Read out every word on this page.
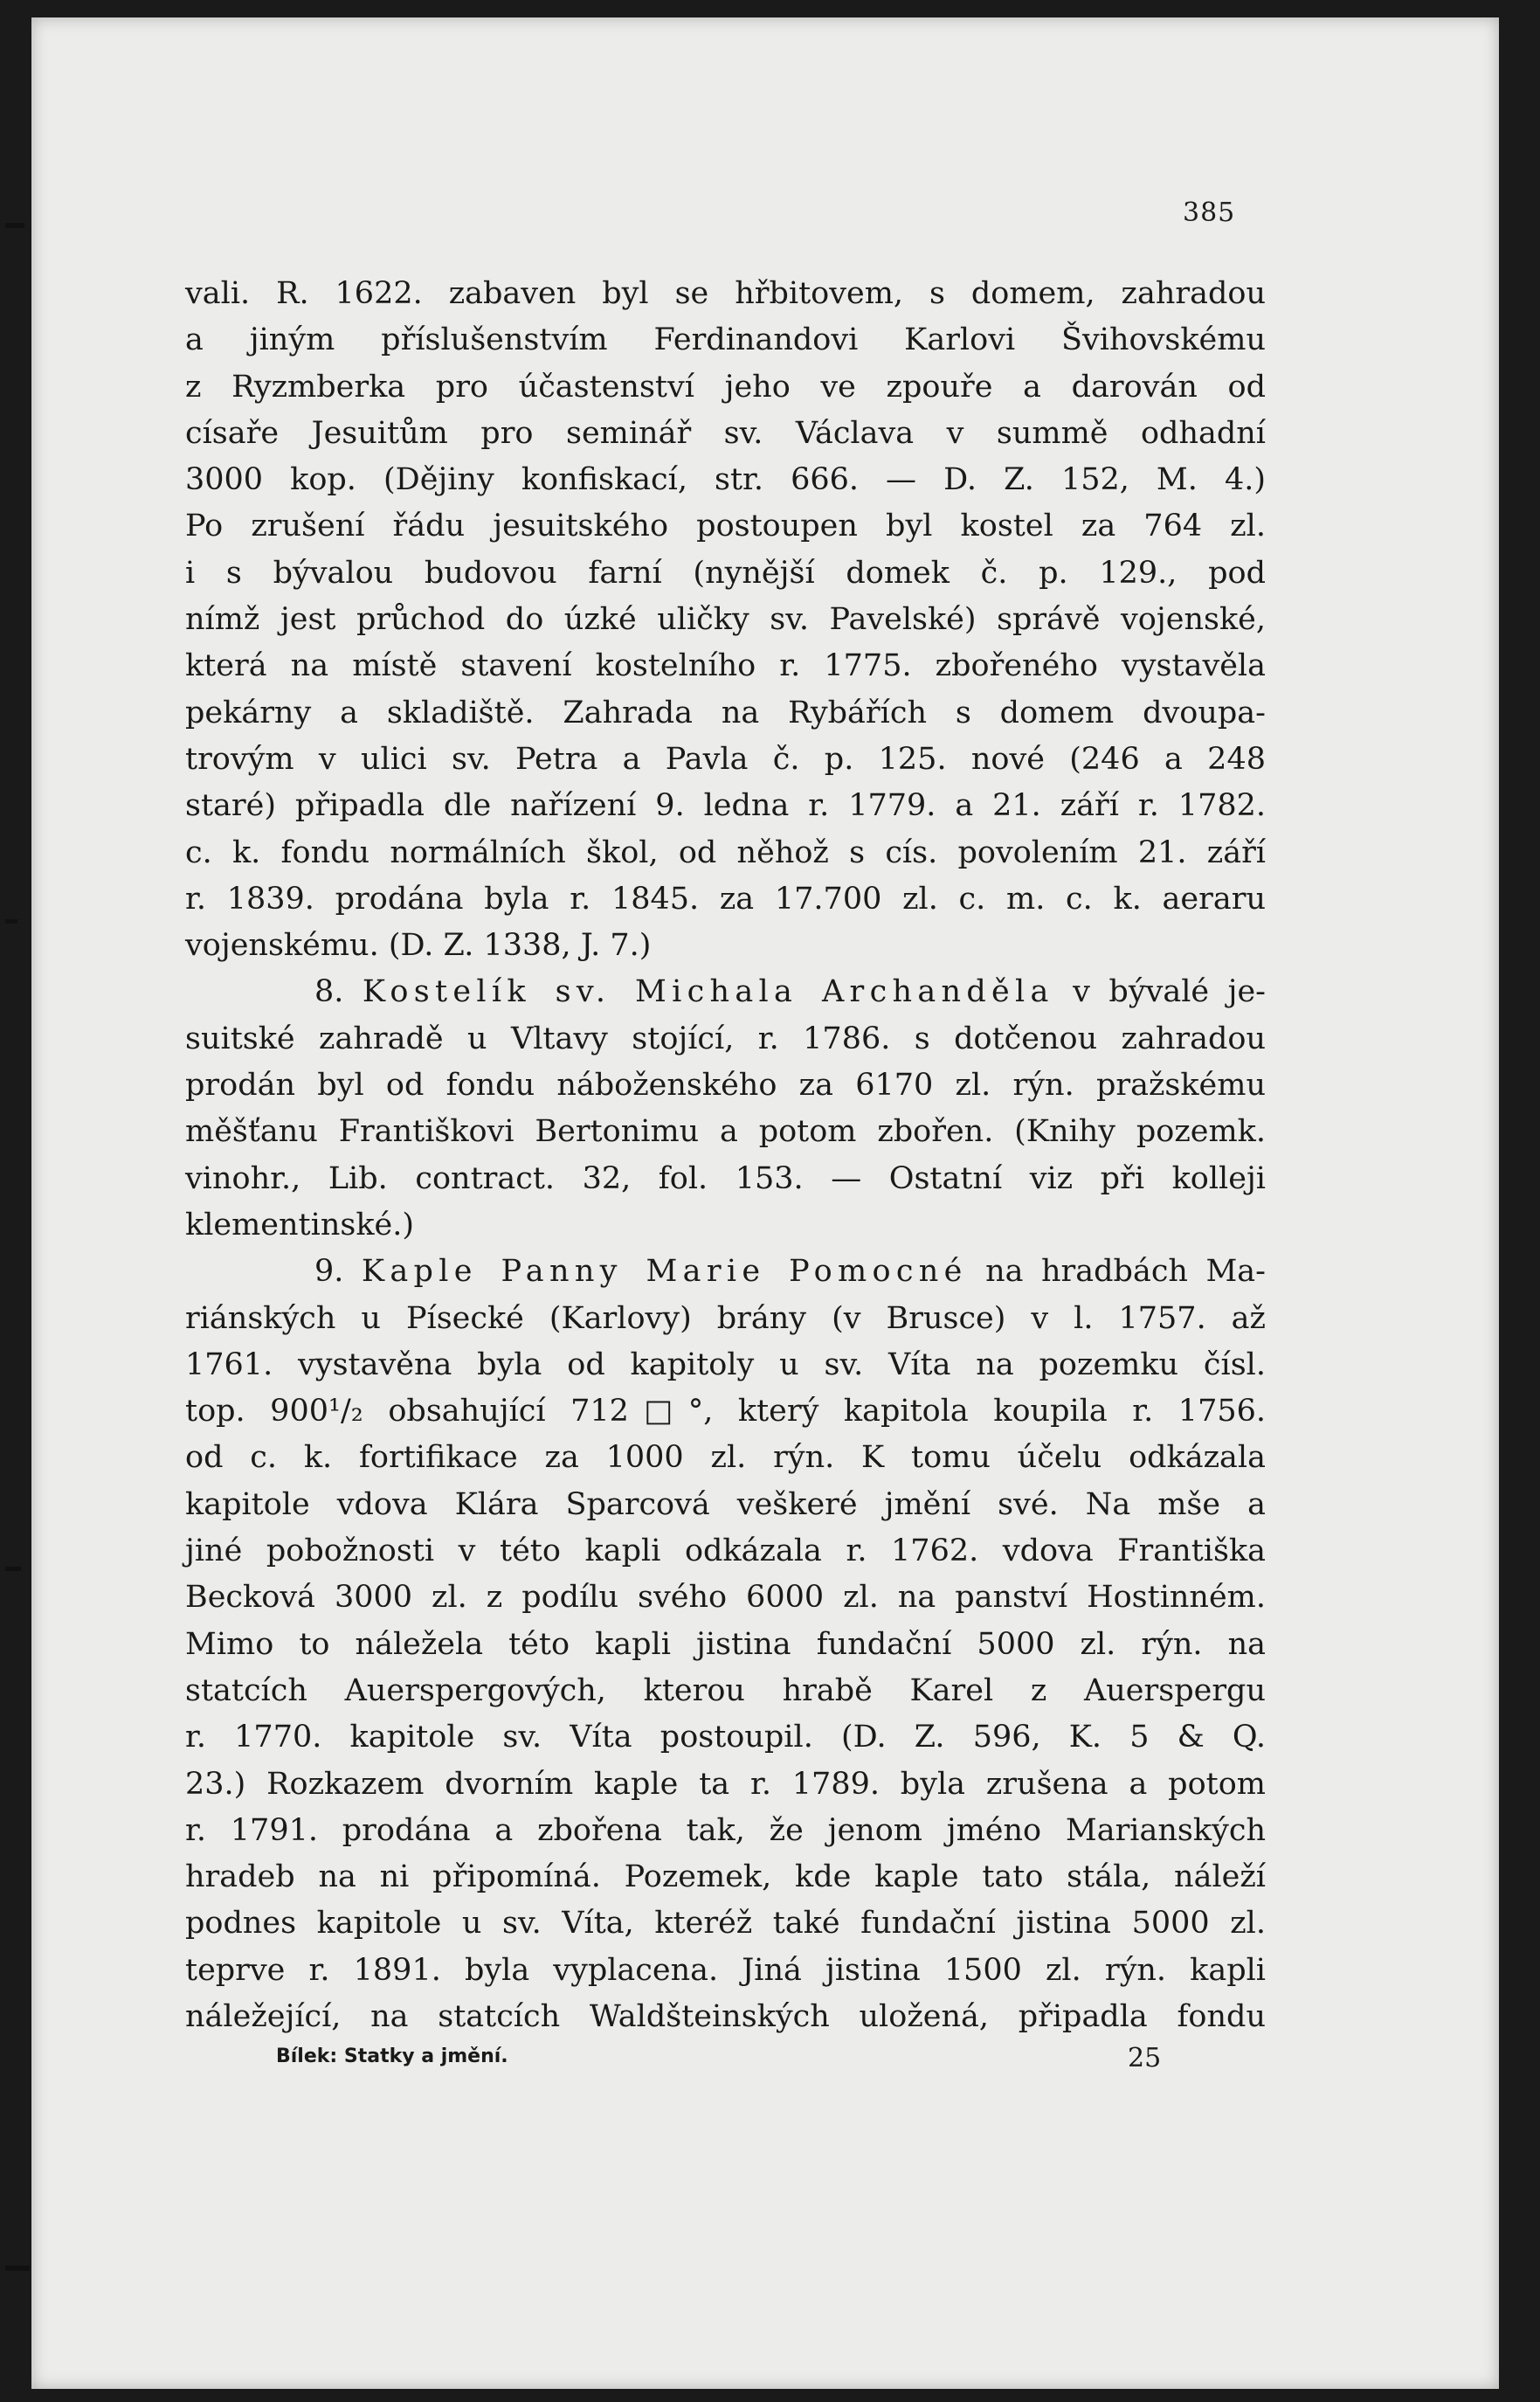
385
vali. R. 1622. zabaven byl se hřbitovem, s domem, zahradou
a jiným příslušenstvím Ferdinandovi Karlovi Švihovskému
z Ryzmberka pro účastenství jeho ve zpouře a darován od
císaře Jesuitům pro seminář sv. Václava v summě odhadní
3000 kop. (Dějiny konfiskací, str. 666. — D. Z. 152, M. 4.)
Po zrušení řádu jesuitského postoupen byl kostel za 764 zl.
i s bývalou budovou farní (nynější domek č. p. 129., pod
nímž jest průchod do úzké uličky sv. Pavelské) správě vojenské,
která na místě stavení kostelního r. 1775. zbořeného vystavěla
pekárny a skladiště. Zahrada na Rybářích s domem dvoupa-
trovým v ulici sv. Petra a Pavla č. p. 125. nové (246 a 248
staré) připadla dle nařízení 9. ledna r. 1779. a 21. září r. 1782.
c. k. fondu normálních škol, od něhož s cís. povolením 21. září
r. 1839. prodána byla r. 1845. za 17.700 zl. c. m. c. k. aeraru
vojenskému. (D. Z. 1338, J. 7.)
8. Kostelík sv. Michala Archanděla v bývalé je-
suitské zahradě u Vltavy stojící, r. 1786. s dotčenou zahradou
prodán byl od fondu náboženského za 6170 zl. rýn. pražskému
měšťanu Františkovi Bertonimu a potom zbořen. (Knihy pozemk.
vinohr., Lib. contract. 32, fol. 153. — Ostatní viz při kolleji
klementinské.)
9. Kaple Panny Marie Pomocné na hradbách Ma-
riánských u Písecké (Karlovy) brány (v Brusce) v l. 1757. až
1761. vystavěna byla od kapitoly u sv. Víta na pozemku čísl.
top. 900¹/₂ obsahující 712□°, který kapitola koupila r. 1756.
od c. k. fortifikace za 1000 zl. rýn. K tomu účelu odkázala
kapitole vdova Klára Sparcová veškeré jmění své. Na mše a
jiné pobožnosti v této kapli odkázala r. 1762. vdova Františka
Becková 3000 zl. z podílu svého 6000 zl. na panství Hostinném.
Mimo to náležela této kapli jistina fundační 5000 zl. rýn. na
statcích Auerspergových, kterou hrabě Karel z Auerspergu
r. 1770. kapitole sv. Víta postoupil. (D. Z. 596, K. 5 & Q.
23.) Rozkazem dvorním kaple ta r. 1789. byla zrušena a potom
r. 1791. prodána a zbořena tak, že jenom jméno Marianských
hradeb na ni připomíná. Pozemek, kde kaple tato stála, náleží
podnes kapitole u sv. Víta, kteréž také fundační jistina 5000 zl.
teprve r. 1891. byla vyplacena. Jiná jistina 1500 zl. rýn. kapli
náležející, na statcích Waldšteinských uložená, připadla fondu
Bílek: Statky a jmění.	25
